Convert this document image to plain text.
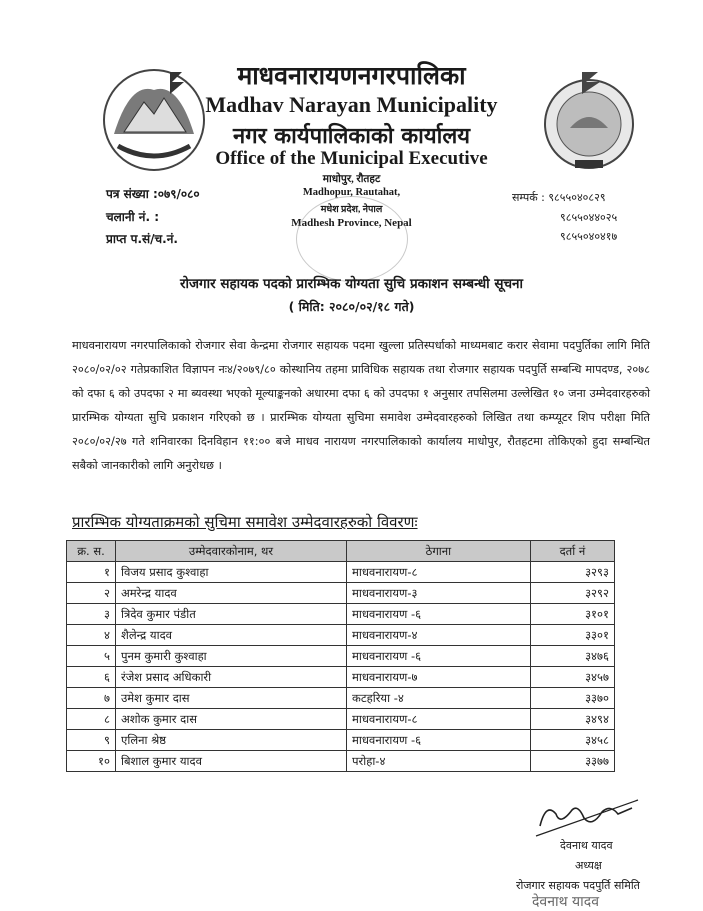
माधवनारायणनगरपालिका
Madhav Narayan Municipality
नगर कार्यपालिकाको कार्यालय
Office of the Municipal Executive
माधोपुर, रौतहट
Madhopur, Rautahat,
मधेश प्रदेश, नेपाल
Madhesh Province, Nepal
पत्र संख्या :०७९/०८०
चलानी नं. :
प्राप्त प.सं/च.नं.
सम्पर्क : ९८५५०४०८२९
९८५५०४४०२५
९८५५०४०४१७
रोजगार सहायक पदको प्रारम्भिक योग्यता सुचि प्रकाशन सम्बन्धी सूचना
( मिति: २०८०/०२/१८ गते)
माधवनारायण नगरपालिकाको रोजगार सेवा केन्द्रमा रोजगार सहायक पदमा खुल्ला प्रतिस्पर्धाको माध्यमबाट करार सेवामा पदपुर्तिका लागि मिति २०८०/०२/०२ गतेप्रकाशित विज्ञापन नः४/२०७९/८० कोस्थानिय तहमा प्राविधिक सहायक तथा रोजगार सहायक पदपुर्ति सम्बन्धि मापदण्ड, २०७८ को दफा ६ को उपदफा २ मा ब्यवस्था भएको मूल्याङ्कनको अधारमा दफा ६ को उपदफा १ अनुसार तपसिलमा उल्लेखित १० जना उम्मेदवारहरुको प्रारम्भिक योग्यता सुचि प्रकाशन गरिएको छ । प्रारम्भिक योग्यता सुचिमा समावेश उम्मेदवारहरुको लिखित तथा कम्प्यूटर शिप परीक्षा मिति २०८०/०२/२७ गते शनिवारका दिनविहान ११:०० बजे माधव नारायण नगरपालिकाको कार्यालय माधोपुर, रौतहटमा तोकिएको हुदा सम्बन्धित सबैको जानकारीको लागि अनुरोधछ ।
प्रारम्भिक योग्यताक्रमको सुचिमा समावेश उम्मेदवारहरुको विवरणः
क्र. स.	उम्मेदवारकोनाम, थर	ठेगाना	दर्ता नं
१	विजय प्रसाद कुश्वाहा	माधवनारायण-८	३२९३
२	अमरेन्द्र यादव	माधवनारायण-३	३२९२
३	त्रिदेव कुमार पंडीत	माधवनारायण -६	३१०१
४	शैलेन्द्र यादव	माधवनारायण-४	३३०१
५	पुनम कुमारी कुश्वाहा	माधवनारायण -६	३४७६
६	रंजेश प्रसाद अधिकारी	माधवनारायण-७	३४५७
७	उमेश कुमार दास	कटहरिया -४	३३७०
८	अशोक कुमार दास	माधवनारायण-८	३४९४
९	एलिना श्रेष्ठ	माधवनारायण -६	३४५८
१०	बिशाल कुमार यादव	परोहा-४	३३७७
देवनाथ यादव
अध्यक्ष
रोजगार सहायक पदपुर्ति समिति
देवनाथ यादव
